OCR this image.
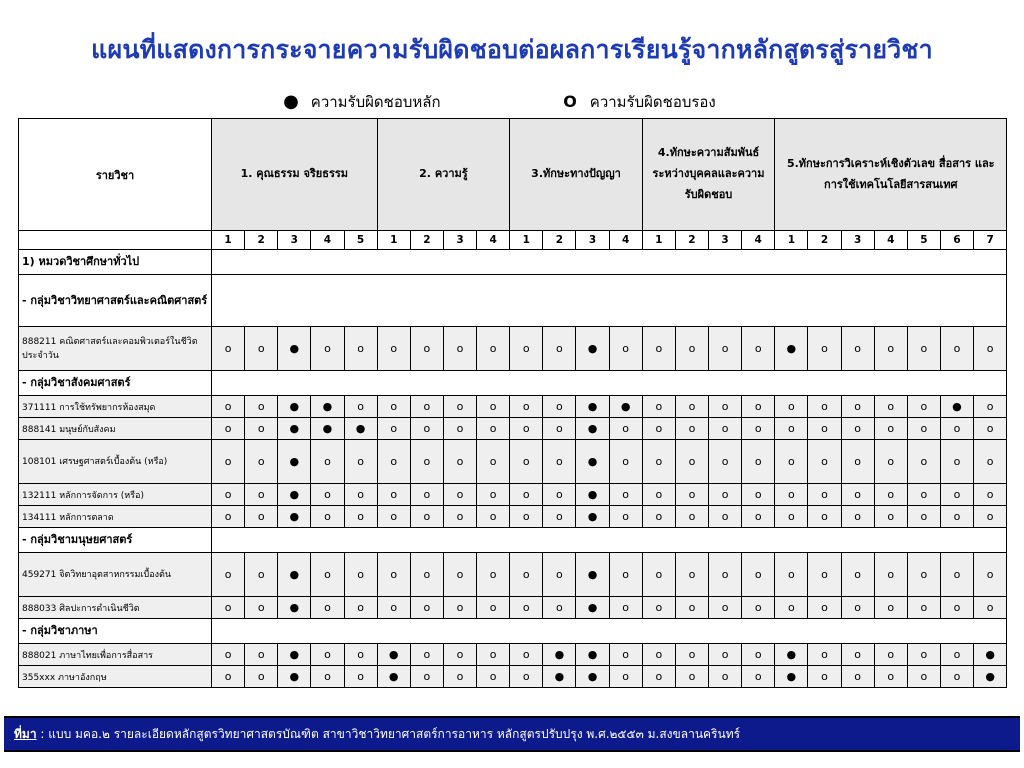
แผนที่แสดงการกระจายความรับผิดชอบต่อผลการเรียนรู้จากหลักสูตรสู่รายวิชา
● ความรับผิดชอบหลัก	O ความรับผิดชอบรอง
รายวิชา	1. คุณธรรม จริยธรรม					2. ความรู้				3.ทักษะทางปัญญา				4.ทักษะความสัมพันธ์ระหว่างบุคคลและความรับผิดชอบ				5.ทักษะการวิเคราะห์เชิงตัวเลข สื่อสาร และการใช้เทคโนโลยีสารสนเทศ						
	1	2	3	4	5	1	2	3	4	1	2	3	4	1	2	3	4	1	2	3	4	5	6	7
1) หมวดวิชาศึกษาทั่วไป																								
- กลุ่มวิชาวิทยาศาสตร์และคณิตศาสตร์																								
888211 คณิตศาสตร์และคอมพิวเตอร์ในชีวิตประจำวัน	o	o	●	o	o	o	o	o	o	o	o	●	o	o	o	o	o	●	o	o	o	o	o	o
- กลุ่มวิชาสังคมศาสตร์																								
371111 การใช้ทรัพยากรห้องสมุด	o	o	●	●	o	o	o	o	o	o	o	●	●	o	o	o	o	o	o	o	o	o	●	o
888141 มนุษย์กับสังคม	o	o	●	●	●	o	o	o	o	o	o	●	o	o	o	o	o	o	o	o	o	o	o	o
108101 เศรษฐศาสตร์เบื้องต้น (หรือ)	o	o	●	o	o	o	o	o	o	o	o	●	o	o	o	o	o	o	o	o	o	o	o	o
132111 หลักการจัดการ (หรือ)	o	o	●	o	o	o	o	o	o	o	o	●	o	o	o	o	o	o	o	o	o	o	o	o
134111 หลักการตลาด	o	o	●	o	o	o	o	o	o	o	o	●	o	o	o	o	o	o	o	o	o	o	o	o
- กลุ่มวิชามนุษยศาสตร์																								
459271 จิตวิทยาอุตสาหกรรมเบื้องต้น	o	o	●	o	o	o	o	o	o	o	o	●	o	o	o	o	o	o	o	o	o	o	o	o
888033 ศิลปะการดำเนินชีวิต	o	o	●	o	o	o	o	o	o	o	o	●	o	o	o	o	o	o	o	o	o	o	o	o
- กลุ่มวิชาภาษา																								
888021 ภาษาไทยเพื่อการสื่อสาร	o	o	●	o	o	●	o	o	o	o	●	●	o	o	o	o	o	●	o	o	o	o	o	●
355xxx ภาษาอังกฤษ	o	o	●	o	o	●	o	o	o	o	●	●	o	o	o	o	o	●	o	o	o	o	o	●
ที่มา : แบบ มคอ.๒ รายละเอียดหลักสูตรวิทยาศาสตรบัณฑิต สาขาวิชาวิทยาศาสตร์การอาหาร หลักสูตรปรับปรุง พ.ศ.๒๕๕๓ ม.สงขลานครินทร์
